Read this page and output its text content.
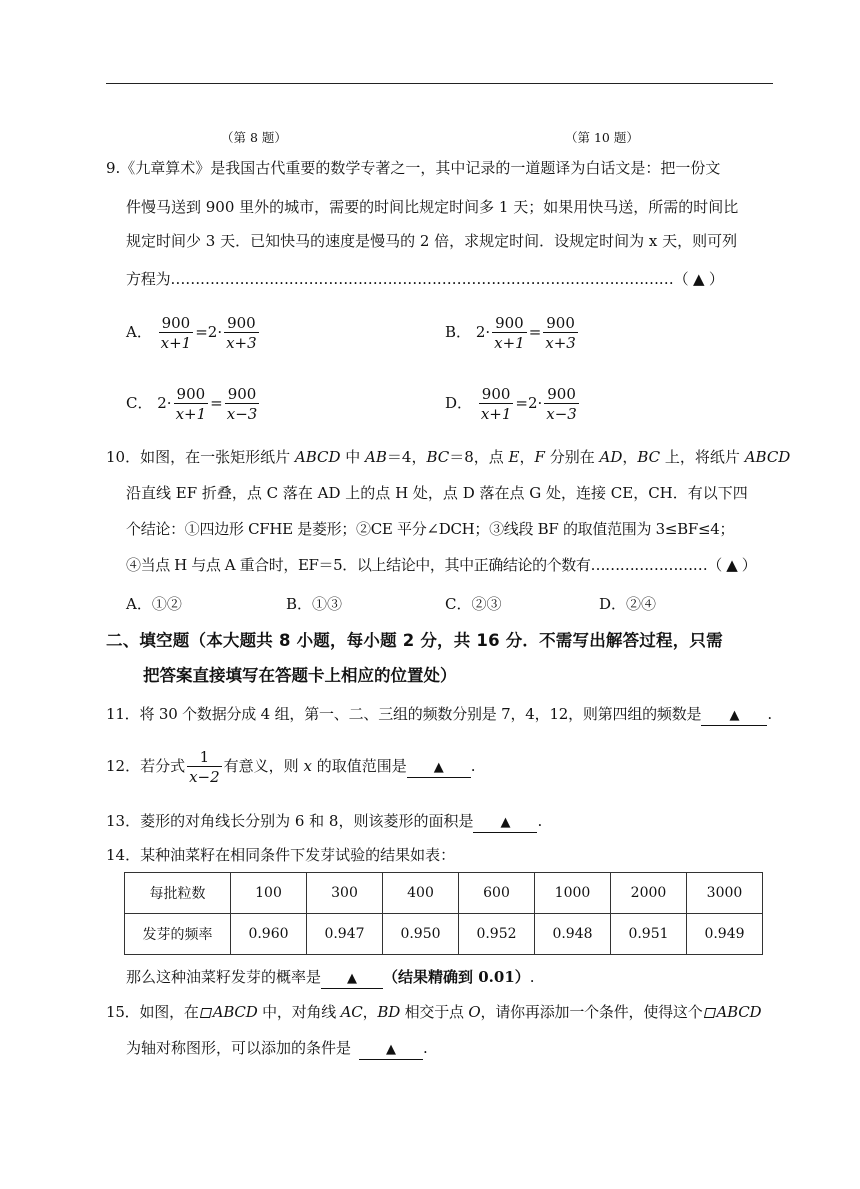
（第 8 题）	（第 10 题）
9.《九章算术》是我国古代重要的数学专著之一，其中记录的一道题译为白话文是：把一份文
件慢马送到 900 里外的城市，需要的时间比规定时间多 1 天；如果用快马送，所需的时间比
规定时间少 3 天．已知快马的速度是慢马的 2 倍，求规定时间．设规定时间为 x 天，则可列
方程为…………………………………………………………………………………………（ ▲ ）
A． $\frac{900}{x+1} =2\cdot \frac{900}{x+3}$	B． $2\cdot \frac{900}{x+1} = \frac{900}{x+3}$
C． $2\cdot \frac{900}{x+1} = \frac{900}{x-3}$	D． $\frac{900}{x+1} =2\cdot \frac{900}{x-3}$
10．如图，在一张矩形纸片 ABCD 中 AB＝4，BC＝8，点 E，F 分别在 AD，BC 上，将纸片 ABCD
沿直线 EF 折叠，点 C 落在 AD 上的点 H 处，点 D 落在点 G 处，连接 CE，CH．有以下四
个结论：①四边形 CFHE 是菱形；②CE 平分∠DCH；③线段 BF 的取值范围为 3≤BF≤4；
④当点 H 与点 A 重合时，EF＝5．以上结论中，其中正确结论的个数有……………………（ ▲ ）
A．①②	B．①③	C．②③	D．②④
二、填空题（本大题共 8 小题，每小题 2 分，共 16 分．不需写出解答过程，只需
把答案直接填写在答题卡上相应的位置处）
11．将 30 个数据分成 4 组，第一、二、三组的频数分别是 7，4，12，则第四组的频数是 ▲ .
12．若分式 $\frac{1}{x-2}$ 有意义，则 x 的取值范围是 ▲ .
13．菱形的对角线长分别为 6 和 8，则该菱形的面积是 ▲ .
14．某种油菜籽在相同条件下发芽试验的结果如表：
每批粒数	100	300	400	600	1000	2000	3000
发芽的频率	0.960	0.947	0.950	0.952	0.948	0.951	0.949
那么这种油菜籽发芽的概率是 ▲ （结果精确到 0.01）.
15．如图，在 ABCD 中，对角线 AC，BD 相交于点 O，请你再添加一个条件，使得这个 ABCD
为轴对称图形，可以添加的条件是	▲ .
